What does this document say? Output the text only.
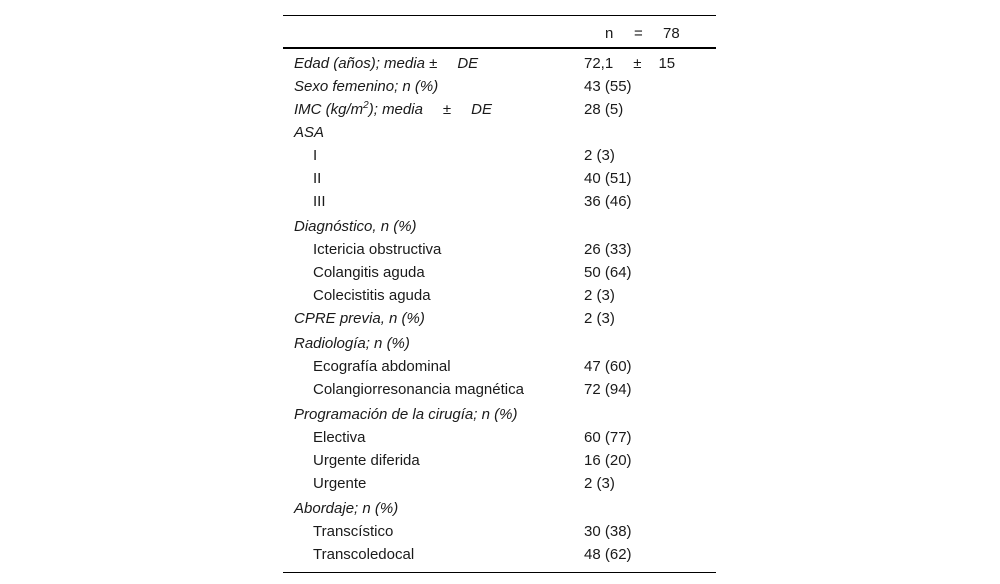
n = 78
Edad (años); media ± DE	72,1 ± 15
Sexo femenino; n (%)	43 (55)
IMC $(kg/m^2)$; media ± DE	28 (5)
ASA
I	2 (3)
II	40 (51)
III	36 (46)
Diagnóstico, n (%)
Ictericia obstructiva	26 (33)
Colangitis aguda	50 (64)
Colecistitis aguda	2 (3)
CPRE previa, n (%)	2 (3)
Radiología; n (%)
Ecografía abdominal	47 (60)
Colangiorresonancia magnética	72 (94)
Programación de la cirugía; n (%)
Electiva	60 (77)
Urgente diferida	16 (20)
Urgente	2 (3)
Abordaje; n (%)
Transcístico	30 (38)
Transcoledocal	48 (62)
